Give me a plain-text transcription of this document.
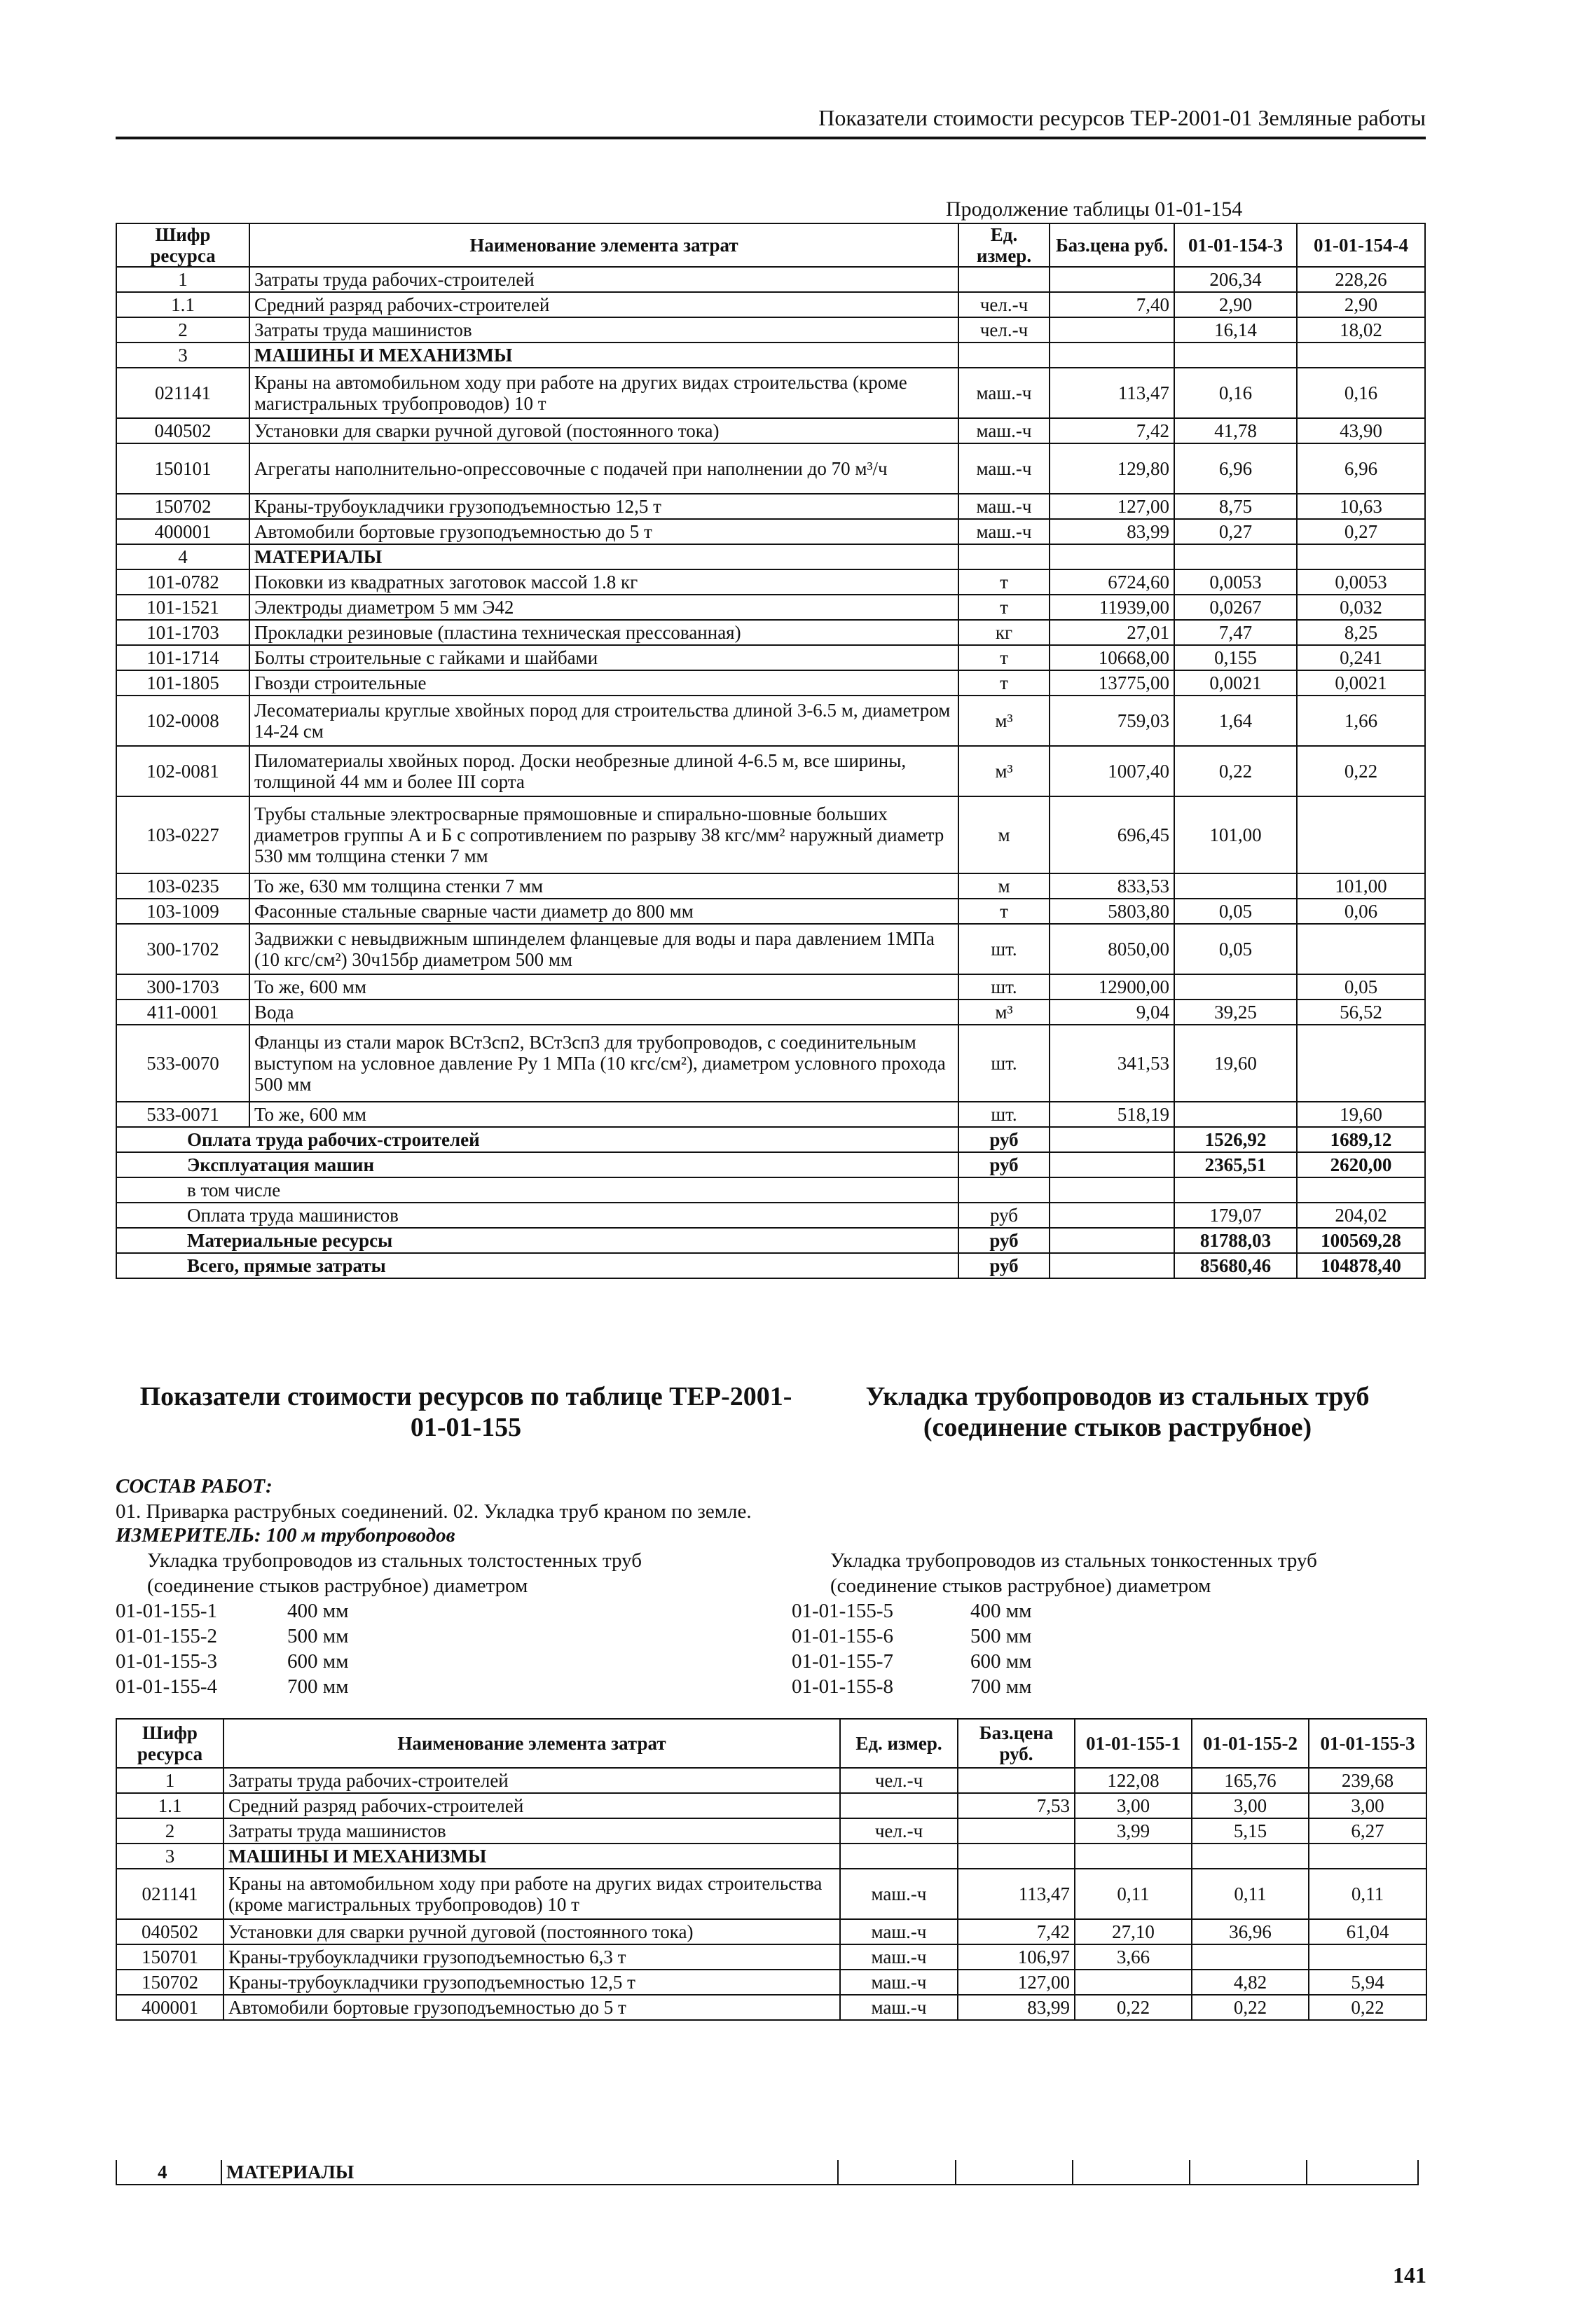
Показатели стоимости ресурсов ТЕР-2001-01 Земляные работы
Продолжение таблицы 01-01-154
Шифр ресурса	Наименование элемента затрат	Ед. измер.	Баз.цена руб.	01-01-154-3	01-01-154-4
1	Затраты труда рабочих-строителей			206,34	228,26
1.1	Средний разряд рабочих-строителей	чел.-ч	7,40	2,90	2,90
2	Затраты труда машинистов	чел.-ч		16,14	18,02
3	МАШИНЫ И МЕХАНИЗМЫ				
021141	Краны на автомобильном ходу при работе на других видах строительства (кроме магистральных трубопроводов) 10 т	маш.-ч	113,47	0,16	0,16
040502	Установки для сварки ручной дуговой (постоянного тока)	маш.-ч	7,42	41,78	43,90
150101	Агрегаты наполнительно-опрессовочные с подачей при наполнении до 70 м³/ч	маш.-ч	129,80	6,96	6,96
150702	Краны-трубоукладчики грузоподъемностью 12,5 т	маш.-ч	127,00	8,75	10,63
400001	Автомобили бортовые грузоподъемностью до 5 т	маш.-ч	83,99	0,27	0,27
4	МАТЕРИАЛЫ				
101-0782	Поковки из квадратных заготовок массой 1.8 кг	т	6724,60	0,0053	0,0053
101-1521	Электроды диаметром 5 мм Э42	т	11939,00	0,0267	0,032
101-1703	Прокладки резиновые (пластина техническая прессованная)	кг	27,01	7,47	8,25
101-1714	Болты строительные с гайками и шайбами	т	10668,00	0,155	0,241
101-1805	Гвозди строительные	т	13775,00	0,0021	0,0021
102-0008	Лесоматериалы круглые хвойных пород для строительства длиной 3-6.5 м, диаметром 14-24 см	м³	759,03	1,64	1,66
102-0081	Пиломатериалы хвойных пород. Доски необрезные длиной 4-6.5 м, все ширины, толщиной 44 мм и более III сорта	м³	1007,40	0,22	0,22
103-0227	Трубы стальные электросварные прямошовные и спирально-шовные больших диаметров группы А и Б с сопротивлением по разрыву 38 кгс/мм² наружный диаметр 530 мм толщина стенки 7 мм	м	696,45	101,00	
103-0235	То же, 630 мм толщина стенки 7 мм	м	833,53		101,00
103-1009	Фасонные стальные сварные части диаметр до 800 мм	т	5803,80	0,05	0,06
300-1702	Задвижки с невыдвижным шпинделем фланцевые для воды и пара давлением 1МПа (10 кгс/см²) 30ч15бр диаметром 500 мм	шт.	8050,00	0,05	
300-1703	То же, 600 мм	шт.	12900,00		0,05
411-0001	Вода	м³	9,04	39,25	56,52
533-0070	Фланцы из стали марок ВСт3сп2, ВСт3сп3 для трубопроводов, с соединительным выступом на условное давление Ру 1 МПа (10 кгс/см²), диаметром условного прохода 500 мм	шт.	341,53	19,60	
533-0071	То же, 600 мм	шт.	518,19		19,60
Оплата труда рабочих-строителей		руб		1526,92	1689,12
Эксплуатация машин		руб		2365,51	2620,00
в том числе					
Оплата труда машинистов		руб		179,07	204,02
Материальные ресурсы		руб		81788,03	100569,28
Всего, прямые затраты		руб		85680,46	104878,40
Показатели стоимости ресурсов по таблице ТЕР-2001-01-01-155
Укладка трубопроводов из стальных труб (соединение стыков раструбное)
СОСТАВ РАБОТ:
01. Приварка раструбных соединений. 02. Укладка труб краном по земле.
ИЗМЕРИТЕЛЬ: 100 м трубопроводов
Укладка трубопроводов из стальных толстостенных труб
(соединение стыков раструбное) диаметром
Укладка трубопроводов из стальных тонкостенных труб
(соединение стыков раструбное) диаметром
01-01-155-1	400 мм
01-01-155-2	500 мм
01-01-155-3	600 мм
01-01-155-4	700 мм
01-01-155-5	400 мм
01-01-155-6	500 мм
01-01-155-7	600 мм
01-01-155-8	700 мм
Шифр ресурса	Наименование элемента затрат	Ед. измер.	Баз.цена руб.	01-01-155-1	01-01-155-2	01-01-155-3
1	Затраты труда рабочих-строителей	чел.-ч		122,08	165,76	239,68
1.1	Средний разряд рабочих-строителей		7,53	3,00	3,00	3,00
2	Затраты труда машинистов	чел.-ч		3,99	5,15	6,27
3	МАШИНЫ И МЕХАНИЗМЫ					
021141	Краны на автомобильном ходу при работе на других видах строительства (кроме магистральных трубопроводов) 10 т	маш.-ч	113,47	0,11	0,11	0,11
040502	Установки для сварки ручной дуговой (постоянного тока)	маш.-ч	7,42	27,10	36,96	61,04
150701	Краны-трубоукладчики грузоподъемностью 6,3 т	маш.-ч	106,97	3,66		
150702	Краны-трубоукладчики грузоподъемностью 12,5 т	маш.-ч	127,00		4,82	5,94
400001	Автомобили бортовые грузоподъемностью до 5 т	маш.-ч	83,99	0,22	0,22	0,22
4	МАТЕРИАЛЫ
141
